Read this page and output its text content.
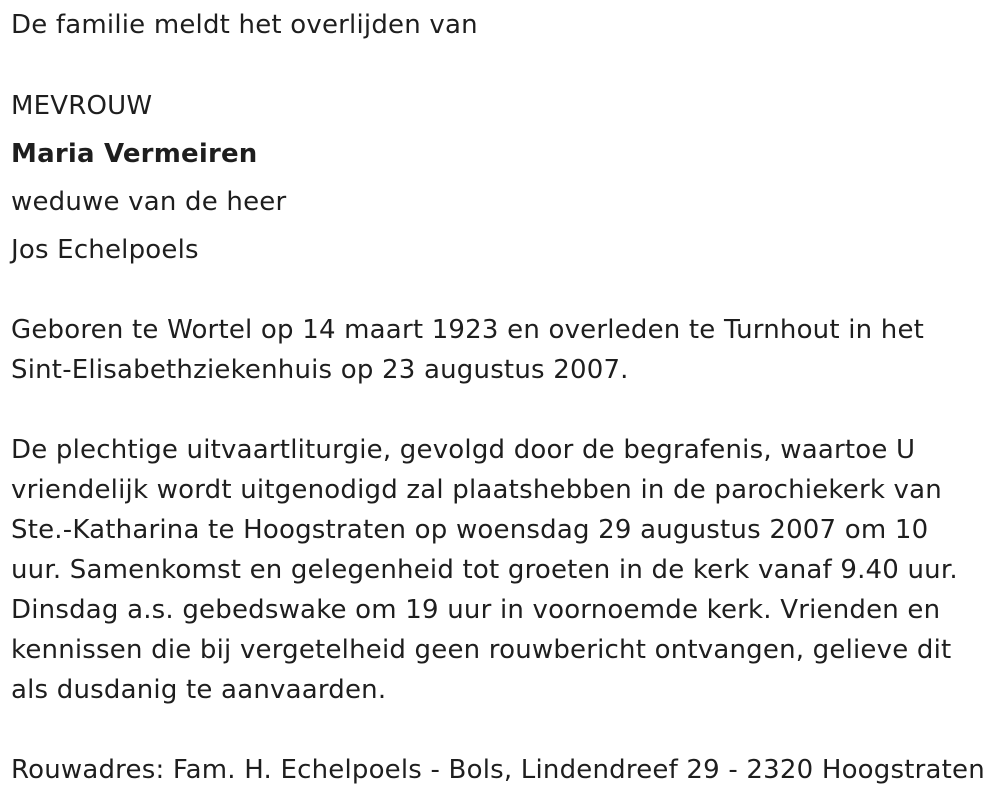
De familie meldt het overlijden van
MEVROUW
Maria Vermeiren
weduwe van de heer
Jos Echelpoels
Geboren te Wortel op 14 maart 1923 en overleden te Turnhout in het
Sint-Elisabethziekenhuis op 23 augustus 2007.
De plechtige uitvaartliturgie, gevolgd door de begrafenis, waartoe U
vriendelijk wordt uitgenodigd zal plaatshebben in de parochiekerk van
Ste.-Katharina te Hoogstraten op woensdag 29 augustus 2007 om 10
uur. Samenkomst en gelegenheid tot groeten in de kerk vanaf 9.40 uur.
Dinsdag a.s. gebedswake om 19 uur in voornoemde kerk. Vrienden en
kennissen die bij vergetelheid geen rouwbericht ontvangen, gelieve dit
als dusdanig te aanvaarden.
Rouwadres: Fam. H. Echelpoels - Bols, Lindendreef 29 - 2320 Hoogstraten
